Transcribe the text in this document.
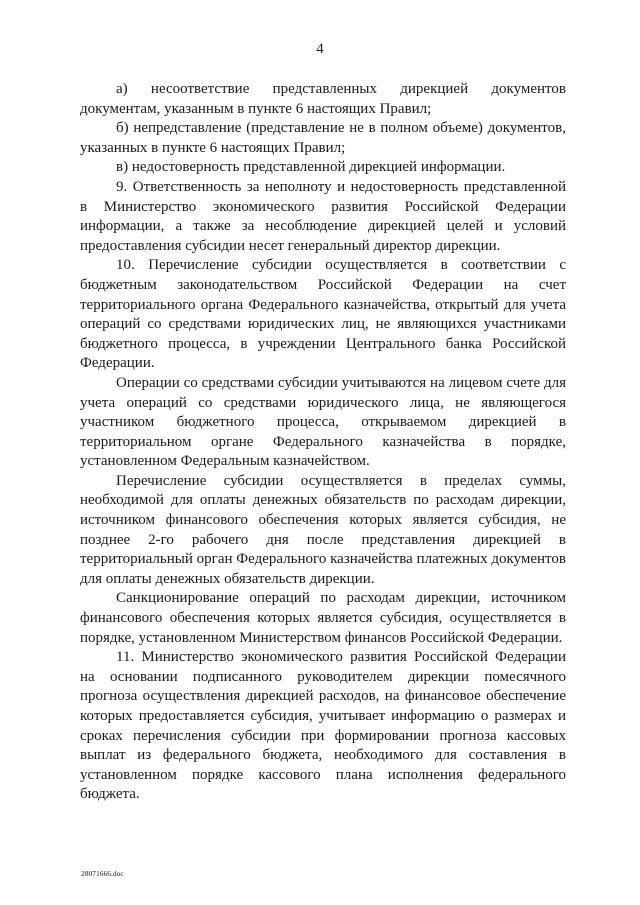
4

а) несоответствие представленных дирекцией документов документам, указанным в пункте 6 настоящих Правил;

б) непредставление (представление не в полном объеме) документов, указанных в пункте 6 настоящих Правил;

в) недостоверность представленной дирекцией информации.

9. Ответственность за неполноту и недостоверность представленной в Министерство экономического развития Российской Федерации информации, а также за несоблюдение дирекцией целей и условий предоставления субсидии несет генеральный директор дирекции.

10. Перечисление субсидии осуществляется в соответствии с бюджетным законодательством Российской Федерации на счет территориального органа Федерального казначейства, открытый для учета операций со средствами юридических лиц, не являющихся участниками бюджетного процесса, в учреждении Центрального банка Российской Федерации.

Операции со средствами субсидии учитываются на лицевом счете для учета операций со средствами юридического лица, не являющегося участником бюджетного процесса, открываемом дирекцией в территориальном органе Федерального казначейства в порядке, установленном Федеральным казначейством.

Перечисление субсидии осуществляется в пределах суммы, необходимой для оплаты денежных обязательств по расходам дирекции, источником финансового обеспечения которых является субсидия, не позднее 2-го рабочего дня после представления дирекцией в территориальный орган Федерального казначейства платежных документов для оплаты денежных обязательств дирекции.

Санкционирование операций по расходам дирекции, источником финансового обеспечения которых является субсидия, осуществляется в порядке, установленном Министерством финансов Российской Федерации.

11. Министерство экономического развития Российской Федерации на основании подписанного руководителем дирекции помесячного прогноза осуществления дирекцией расходов, на финансовое обеспечение которых предоставляется субсидия, учитывает информацию о размерах и сроках перечисления субсидии при формировании прогноза кассовых выплат из федерального бюджета, необходимого для составления в установленном порядке кассового плана исполнения федерального бюджета.

28071666.doc
